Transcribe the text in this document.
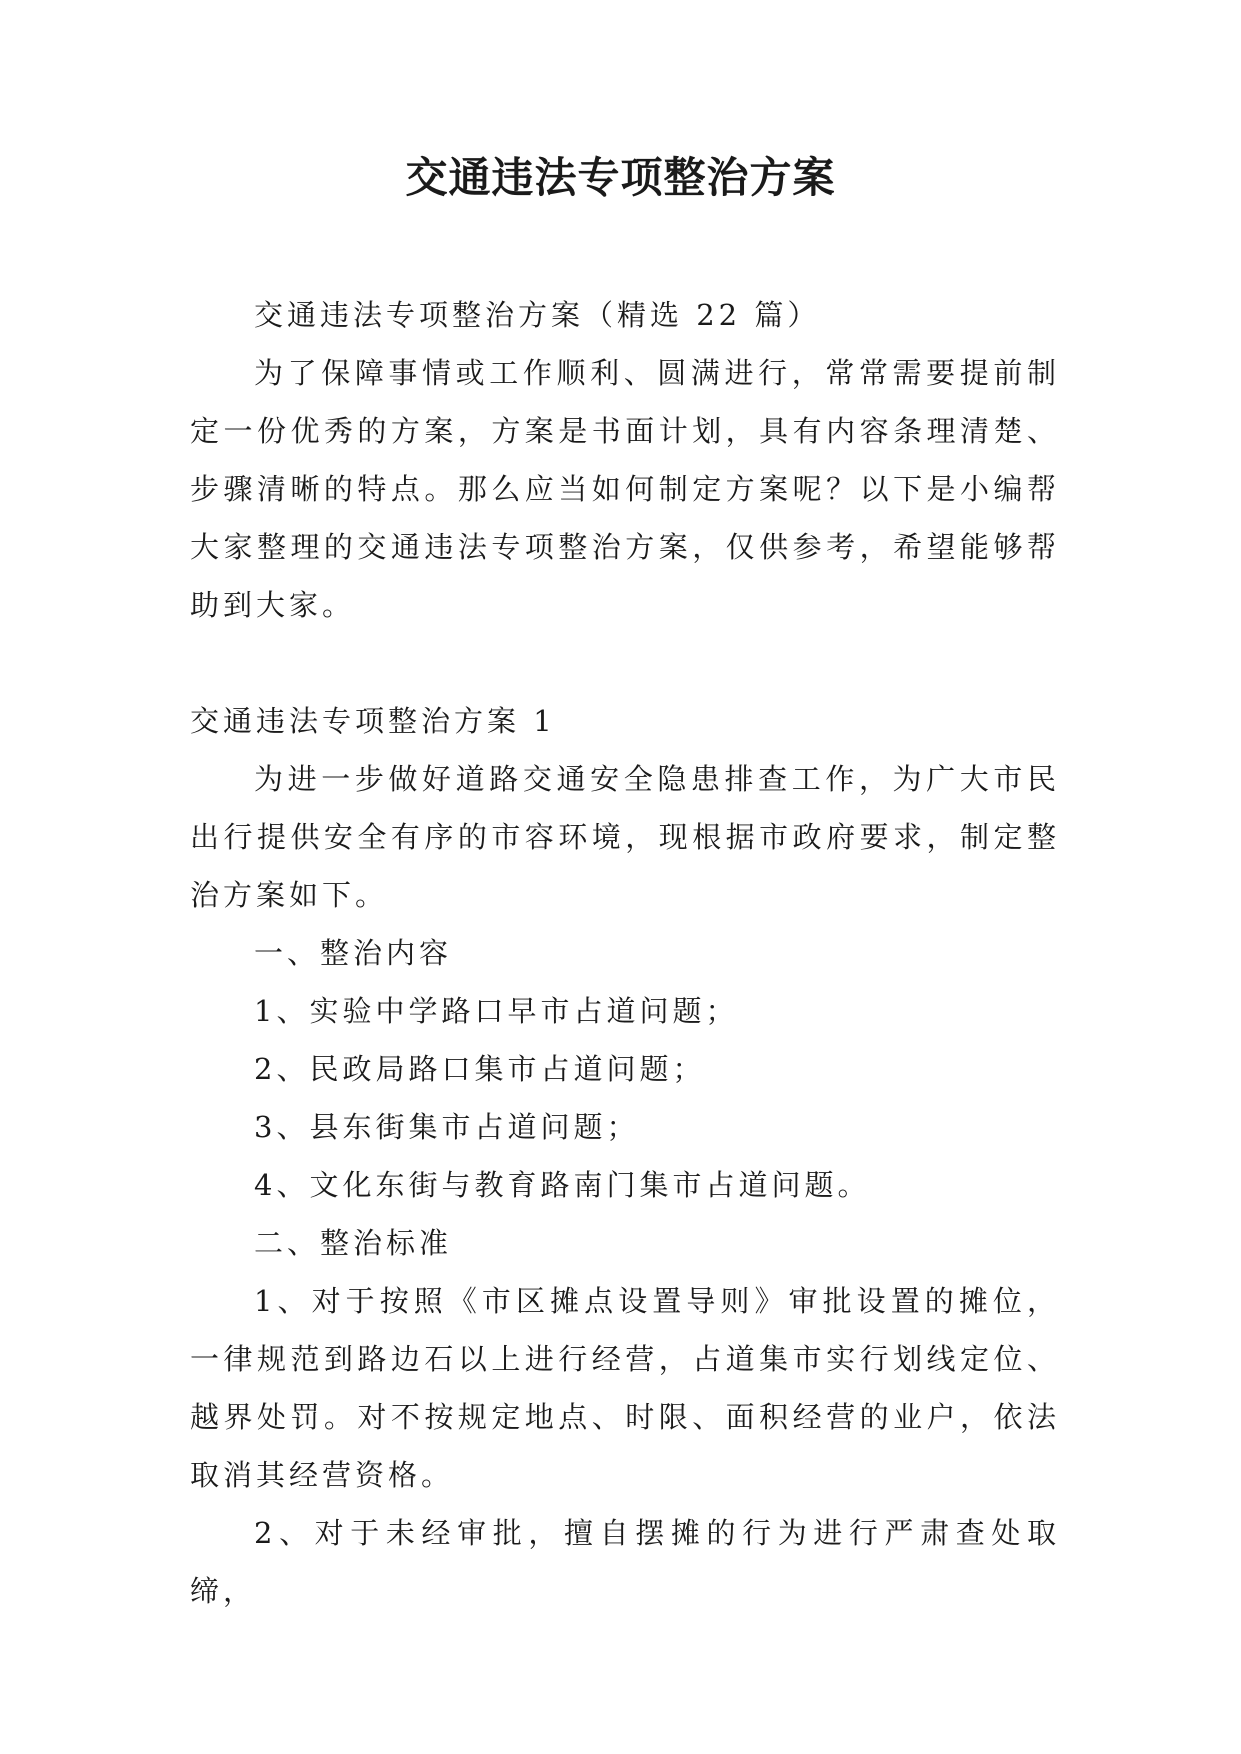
交通违法专项整治方案

交通违法专项整治方案（精选 22 篇）

为了保障事情或工作顺利、圆满进行，常常需要提前制定一份优秀的方案，方案是书面计划，具有内容条理清楚、步骤清晰的特点。那么应当如何制定方案呢？以下是小编帮大家整理的交通违法专项整治方案，仅供参考，希望能够帮助到大家。

交通违法专项整治方案 1

为进一步做好道路交通安全隐患排查工作，为广大市民出行提供安全有序的市容环境，现根据市政府要求，制定整治方案如下。

一、整治内容

1、实验中学路口早市占道问题；

2、民政局路口集市占道问题；

3、县东街集市占道问题；

4、文化东街与教育路南门集市占道问题。

二、整治标准

1、对于按照《市区摊点设置导则》审批设置的摊位，一律规范到路边石以上进行经营，占道集市实行划线定位、越界处罚。对不按规定地点、时限、面积经营的业户，依法取消其经营资格。

2、对于未经审批，擅自摆摊的行为进行严肃查处取缔，
